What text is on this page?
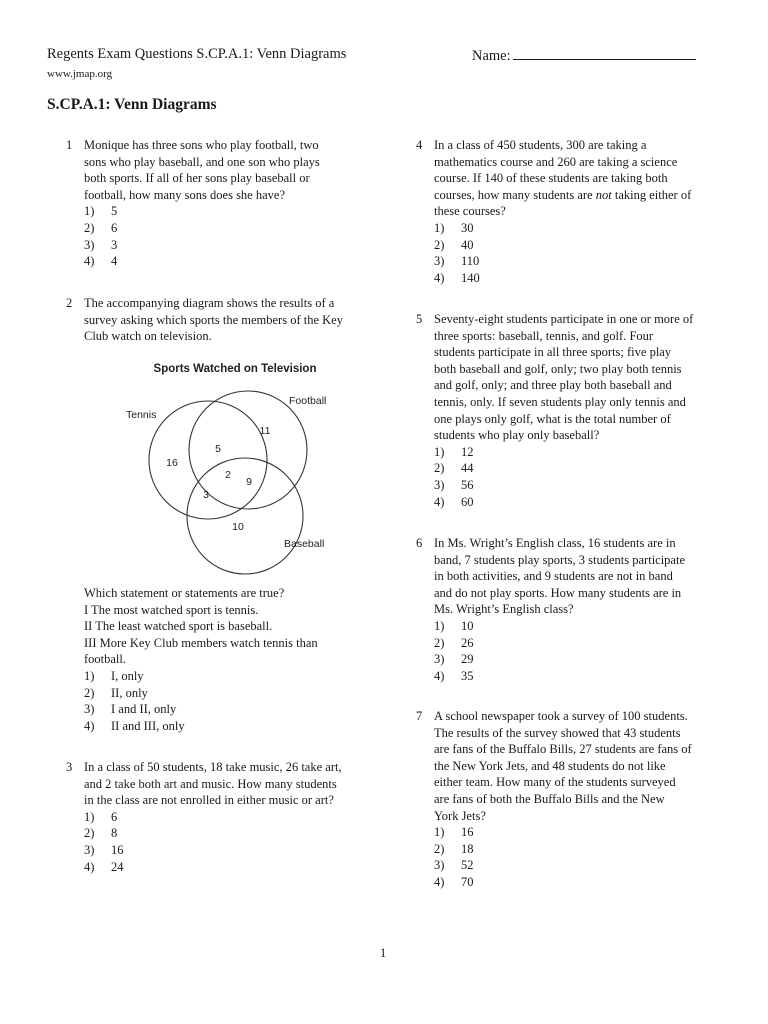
Regents Exam Questions S.CP.A.1: Venn Diagrams	Name:
www.jmap.org
S.CP.A.1: Venn Diagrams
1 Monique has three sons who play football, two
sons who play baseball, and one son who plays
both sports. If all of her sons play baseball or
football, how many sons does she have?
1) 5
2) 6
3) 3
4) 4
2 The accompanying diagram shows the results of a
survey asking which sports the members of the Key
Club watch on television.
Sports Watched on Television
Tennis
Football
Baseball
16
11
10
5
3
9
2
Which statement or statements are true?
I The most watched sport is tennis.
II The least watched sport is baseball.
III More Key Club members watch tennis than
football.
1) I, only
2) II, only
3) I and II, only
4) II and III, only
3 In a class of 50 students, 18 take music, 26 take art,
and 2 take both art and music. How many students
in the class are not enrolled in either music or art?
1) 6
2) 8
3) 16
4) 24
4 In a class of 450 students, 300 are taking a
mathematics course and 260 are taking a science
course. If 140 of these students are taking both
courses, how many students are not taking either of
these courses?
1) 30
2) 40
3) 110
4) 140
5 Seventy-eight students participate in one or more of
three sports: baseball, tennis, and golf. Four
students participate in all three sports; five play
both baseball and golf, only; two play both tennis
and golf, only; and three play both baseball and
tennis, only. If seven students play only tennis and
one plays only golf, what is the total number of
students who play only baseball?
1) 12
2) 44
3) 56
4) 60
6 In Ms. Wright’s English class, 16 students are in
band, 7 students play sports, 3 students participate
in both activities, and 9 students are not in band
and do not play sports. How many students are in
Ms. Wright’s English class?
1) 10
2) 26
3) 29
4) 35
7 A school newspaper took a survey of 100 students.
The results of the survey showed that 43 students
are fans of the Buffalo Bills, 27 students are fans of
the New York Jets, and 48 students do not like
either team. How many of the students surveyed
are fans of both the Buffalo Bills and the New
York Jets?
1) 16
2) 18
3) 52
4) 70
1
